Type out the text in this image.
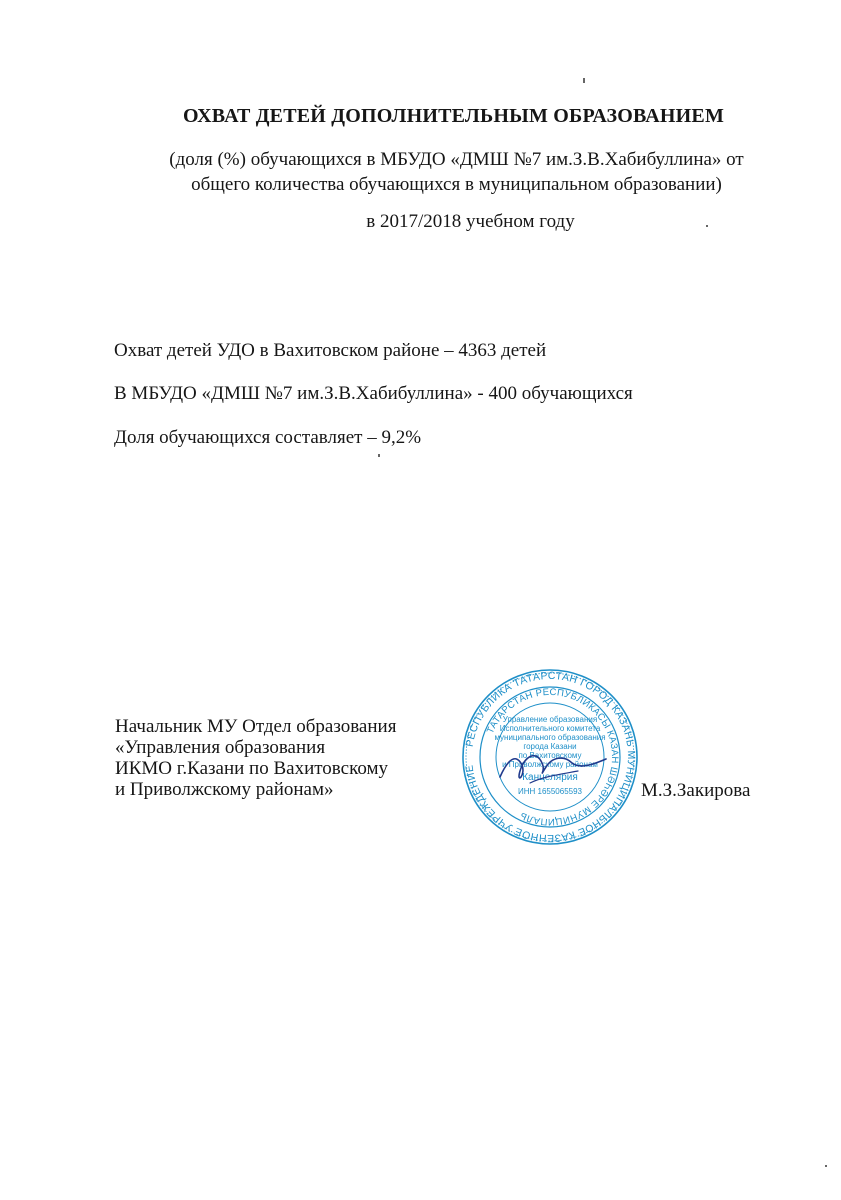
ОХВАТ ДЕТЕЙ ДОПОЛНИТЕЛЬНЫМ ОБРАЗОВАНИЕМ
(доля (%) обучающихся в МБУДО «ДМШ №7 им.З.В.Хабибуллина» от
общего количества обучающихся в муниципальном образовании)
в 2017/2018 учебном году
Охват детей УДО в Вахитовском районе – 4363 детей
В МБУДО «ДМШ №7 им.З.В.Хабибуллина» - 400 обучающихся
Доля обучающихся составляет – 9,2%
Начальник МУ Отдел образования
«Управления образования
ИКМО г.Казани по Вахитовскому
и Приволжскому районам»	М.З.Закирова
РЕСПУБЛИКА ТАТАРСТАН ГОРОД КАЗАНЬ МУНИЦИПАЛЬНОЕ КАЗЕННОЕ УЧРЕЖДЕНИЕ
ТАТАРСТАН РЕСПУБЛИКАСЫ КАЗАН ШӘҺӘРЕ МУНИЦИПАЛЬ
Управление образования
Исполнительного комитета
муниципального образования
города Казани
по Вахитовскому
и Приволжскому районам
Канцелярия
ИНН 1655065593
